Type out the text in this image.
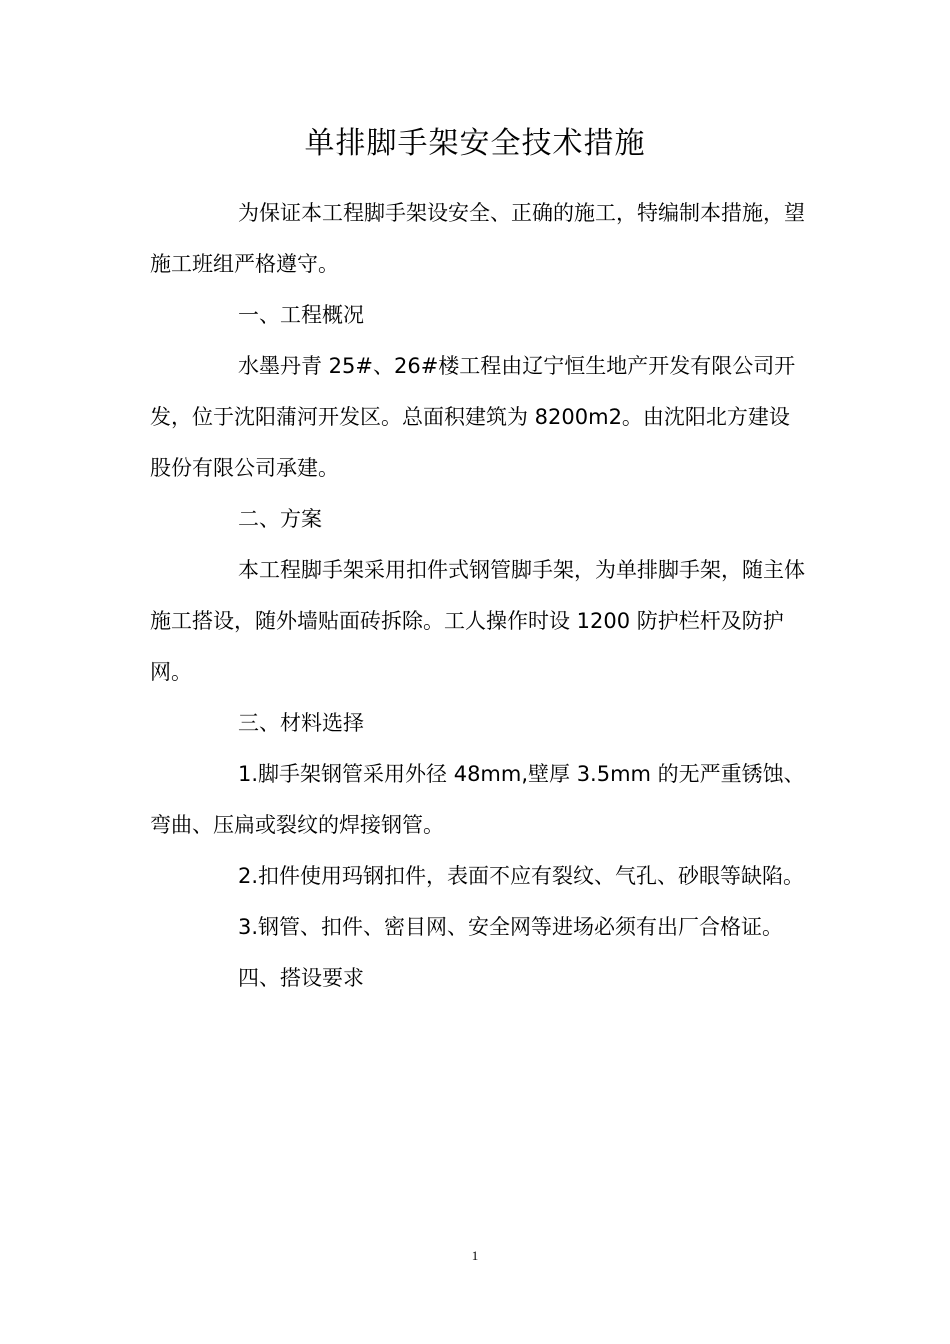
单排脚手架安全技术措施

为保证本工程脚手架设安全、正确的施工，特编制本措施，望施工班组严格遵守。

一、工程概况

水墨丹青 25#、26#楼工程由辽宁恒生地产开发有限公司开发，位于沈阳蒲河开发区。总面积建筑为 8200m2。由沈阳北方建设股份有限公司承建。

二、方案

本工程脚手架采用扣件式钢管脚手架，为单排脚手架，随主体施工搭设，随外墙贴面砖拆除。工人操作时设 1200 防护栏杆及防护网。

三、材料选择

1.脚手架钢管采用外径 48mm,壁厚 3.5mm 的无严重锈蚀、弯曲、压扁或裂纹的焊接钢管。

2.扣件使用玛钢扣件，表面不应有裂纹、气孔、砂眼等缺陷。

3.钢管、扣件、密目网、安全网等进场必须有出厂合格证。

四、搭设要求

1
